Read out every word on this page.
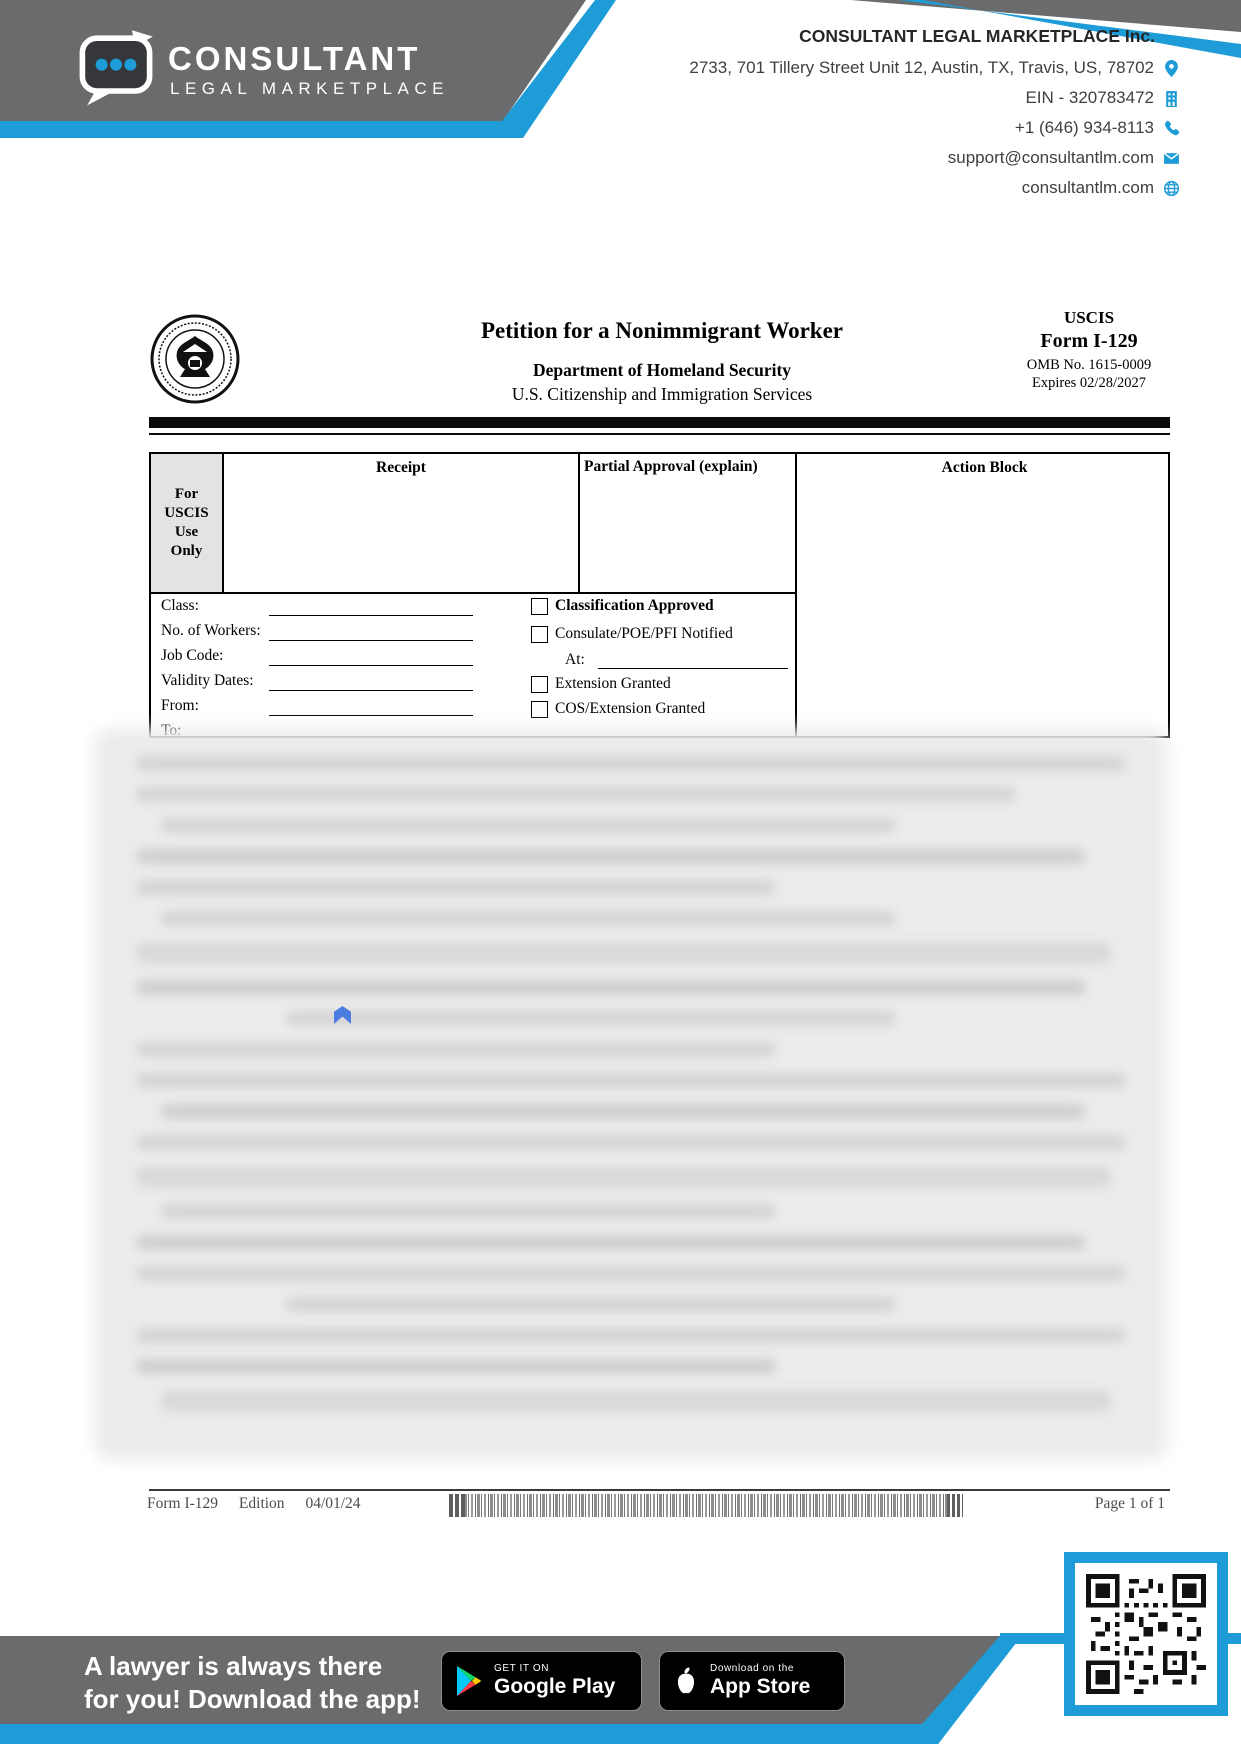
CONSULTANT
LEGAL MARKETPLACE
CONSULTANT LEGAL MARKETPLACE Inc.
2733, 701 Tillery Street Unit 12, Austin, TX, Travis, US, 78702
EIN - 320783472
+1 (646) 934-8113
support@consultantlm.com
consultantlm.com
Petition for a Nonimmigrant Worker
Department of Homeland Security
U.S. Citizenship and Immigration Services
USCIS
Form I-129
OMB No. 1615-0009
Expires 02/28/2027
For
USCIS
Use
Only
Receipt	Partial Approval (explain)	Action Block
Class:
No. of Workers:
Job Code:
Validity Dates:
From:
To:
Classification Approved
Consulate/POE/PFI Notified
At:
Extension Granted
COS/Extension Granted
Form I-129 Edition 04/01/24	Page 1 of 1
A lawyer is always there
for you! Download the app!
GET IT ON
Google Play
Download on the
App Store
